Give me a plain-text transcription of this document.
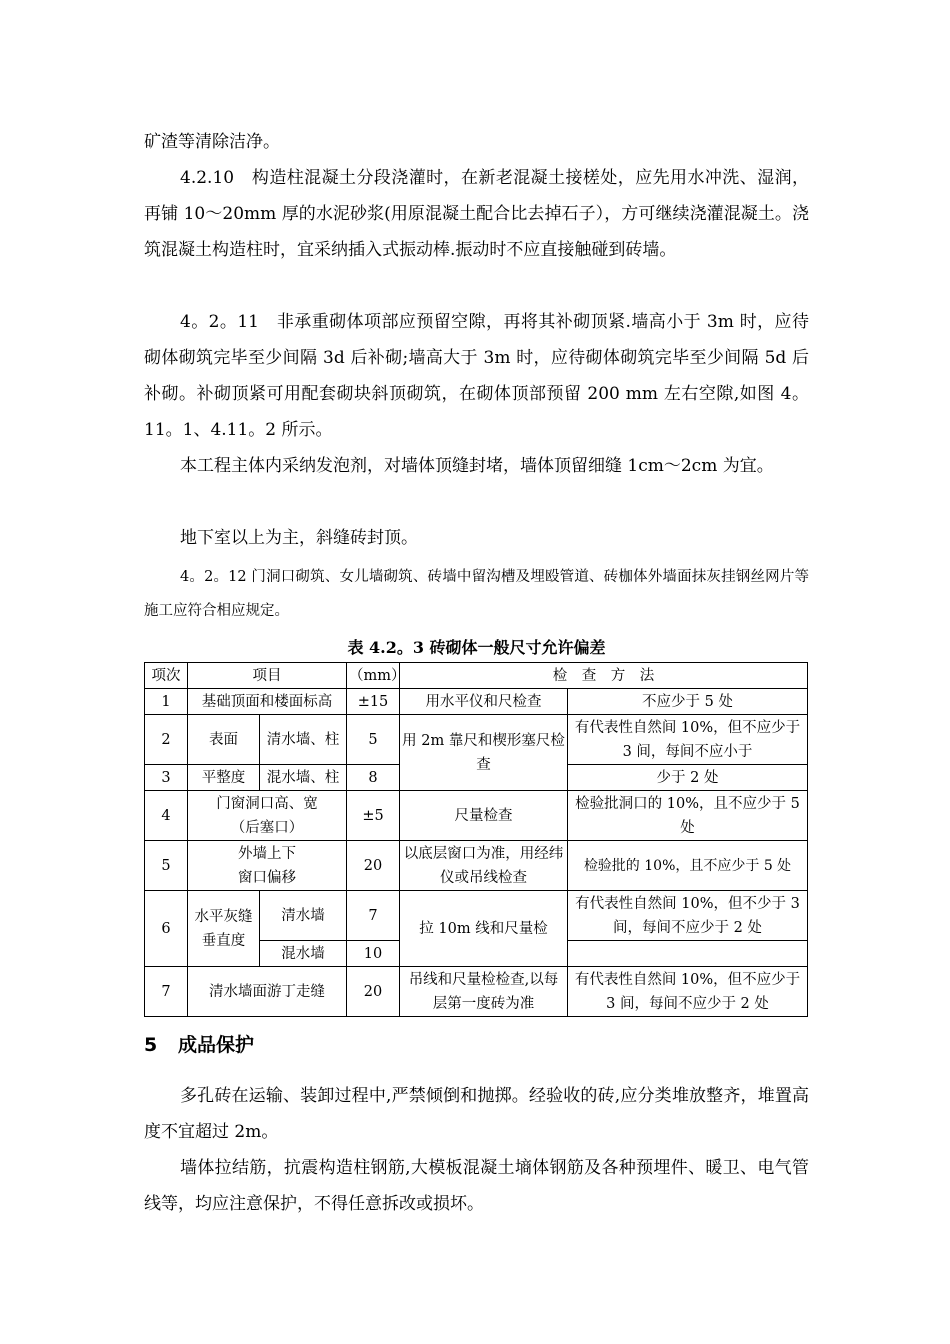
矿渣等清除洁净。

4.2.10　构造柱混凝土分段浇灌时，在新老混凝土接槎处，应先用水冲洗、湿润，再铺 10～20mm 厚的水泥砂浆(用原混凝土配合比去掉石子），方可继续浇灌混凝土。浇筑混凝土构造柱时，宜采纳插入式振动棒.振动时不应直接触碰到砖墙。

4。2。11　非承重砌体项部应预留空隙，再将其补砌顶紧.墙高小于 3m 时，应待砌体砌筑完毕至少间隔 3d 后补砌;墙高大于 3m 时，应待砌体砌筑完毕至少间隔 5d 后补砌。补砌顶紧可用配套砌块斜顶砌筑，在砌体顶部预留 200 mm 左右空隙,如图 4。11。1、4.11。2 所示。

本工程主体内采纳发泡剂，对墙体顶缝封堵，墙体顶留细缝 1cm～2cm 为宜。

地下室以上为主，斜缝砖封顶。

4。2。12 门洞口砌筑、女儿墙砌筑、砖墙中留沟槽及埋殴管道、砖枷体外墙面抹灰挂钢丝网片等施工应符合相应规定。

表 4.2。3 砖砌体一般尺寸允许偏差
项次	项目		（mm）	检　查　方　法	
1	基础顶面和楼面标高		±15	用水平仪和尺检查	不应少于 5 处
2	表面	清水墙、柱	5	用 2m 靠尺和楔形塞尺检查	有代表性自然间 10%，但不应少于 3 间，每间不应小于
3	平整度	混水墙、柱	8		少于 2 处
4	门窗洞口高、宽
（后塞口）		±5	尺量检查	检验批洞口的 10%，且不应少于 5 处
5	外墙上下
窗口偏移		20	以底层窗口为准，用经纬仪或吊线检查	检验批的 10%，且不应少于 5 处
6	水平灰缝垂直度	清水墙	7	拉 10m 线和尺量检	有代表性自然间 10%，但不少于 3 间，每间不应少于 2 处
		混水墙	10		
7	清水墙面游丁走缝		20	吊线和尺量检检查,以每层第一度砖为准	有代表性自然间 10%，但不应少于 3 间，每间不应少于 2 处
5 成品保护

多孔砖在运输、装卸过程中,严禁倾倒和抛掷。经验收的砖,应分类堆放整齐，堆置高度不宜超过 2m。

墙体拉结筋，抗震构造柱钢筋,大模板混凝土墒体钢筋及各种预埋件、暖卫、电气管线等，均应注意保护，不得任意拆改或损坏。
